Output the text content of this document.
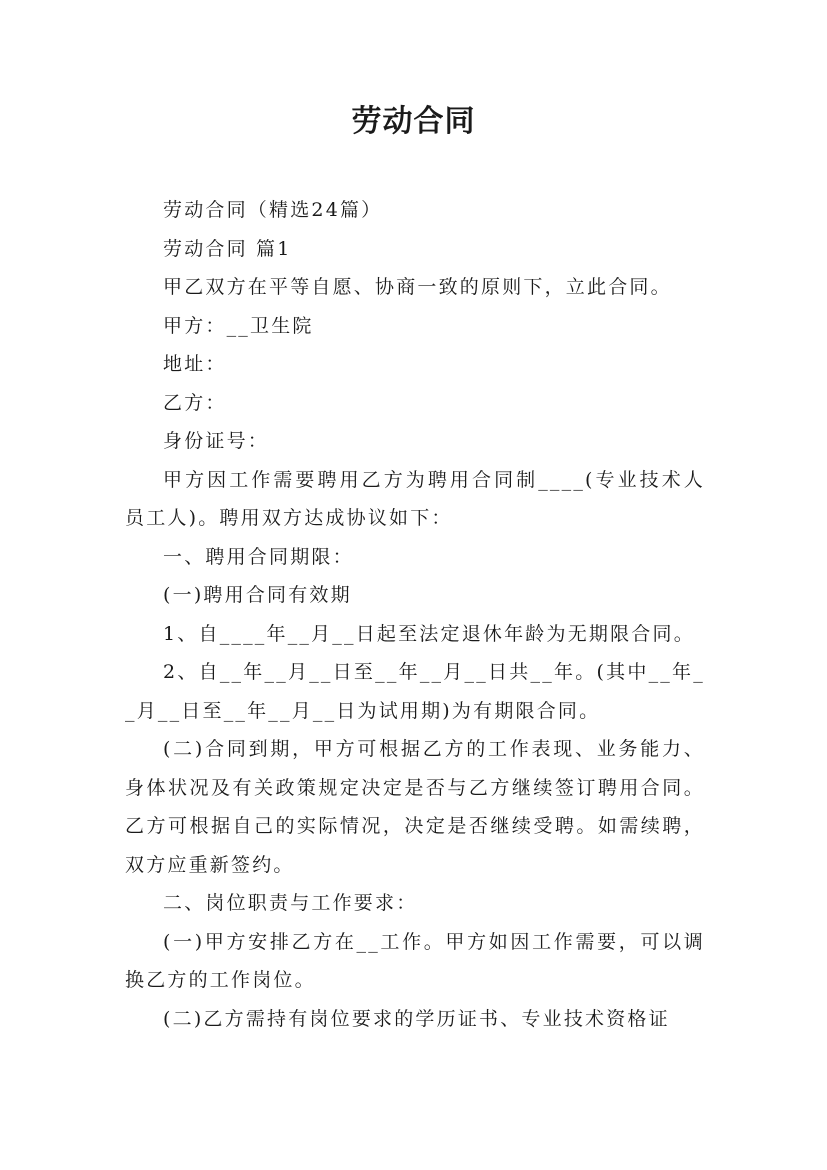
劳动合同

劳动合同（精选24篇）

劳动合同 篇1

甲乙双方在平等自愿、协商一致的原则下，立此合同。

甲方：__卫生院

地址：

乙方：

身份证号：

甲方因工作需要聘用乙方为聘用合同制____(专业技术人员工人)。聘用双方达成协议如下：

一、聘用合同期限：

(一)聘用合同有效期

1、自____年__月__日起至法定退休年龄为无期限合同。

2、自__年__月__日至__年__月__日共__年。(其中__年__月__日至__年__月__日为试用期)为有期限合同。

(二)合同到期，甲方可根据乙方的工作表现、业务能力、身体状况及有关政策规定决定是否与乙方继续签订聘用合同。乙方可根据自己的实际情况，决定是否继续受聘。如需续聘，双方应重新签约。

二、岗位职责与工作要求：

(一)甲方安排乙方在__工作。甲方如因工作需要，可以调换乙方的工作岗位。

(二)乙方需持有岗位要求的学历证书、专业技术资格证
